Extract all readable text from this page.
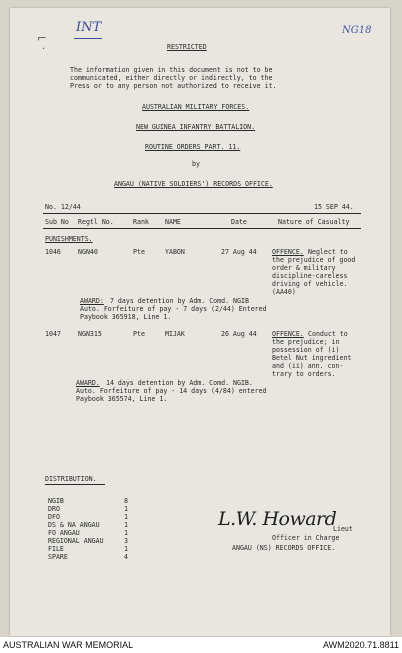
INT	NG18
⌐
·	RESTRICTED
The information given in this document is not to be
communicated, either directly or indirectly, to the
Press or to any person not authorized to receive it.
AUSTRALIAN MILITARY FORCES.
NEW GUINEA INFANTRY BATTALION.
ROUTINE ORDERS PART. 11.
by
ANGAU (NATIVE SOLDIERS') RECORDS OFFICE.
No. 12/44	15 SEP 44.
Sub No Regtl No.	Rank NAME	Date	Nature of Casualty
PUNISHMENTS.
1046	NGN40	Pte	YABON	27 Aug 44 OFFENCE. Neglect to
the prejudice of good
order & military
discipline-careless
driving of vehicle.
(AA40)
AWARD: 7 days detention by Adm. Comd. NGIB
Auto. Forfeiture of pay - 7 days (2/44) Entered
Paybook 365918, Line 1.
1047	NGN315	Pte	MIJAK	26 Aug 44 OFFENCE. Conduct to
the prejudice; in
possession of (i)
Betel Nut ingredient
and (ii) ann. con-
trary to orders.
AWARD. 14 days detention by Adm. Comd. NGIB.
Auto. Forfeiture of pay - 14 days (4/84) entered
Paybook 365574, Line 1.
DISTRIBUTION.
NGIB	8
DRO	1
DFO	1
DS & NA ANGAU	1
FO ANGAU	1
REGIONAL ANGAU	3
FILE	1
SPARE	4
L.W. Howard
Lieut
Officer in Charge
ANGAU (NS) RECORDS OFFICE.
AUSTRALIAN WAR MEMORIAL	AWM2020.71.8811
